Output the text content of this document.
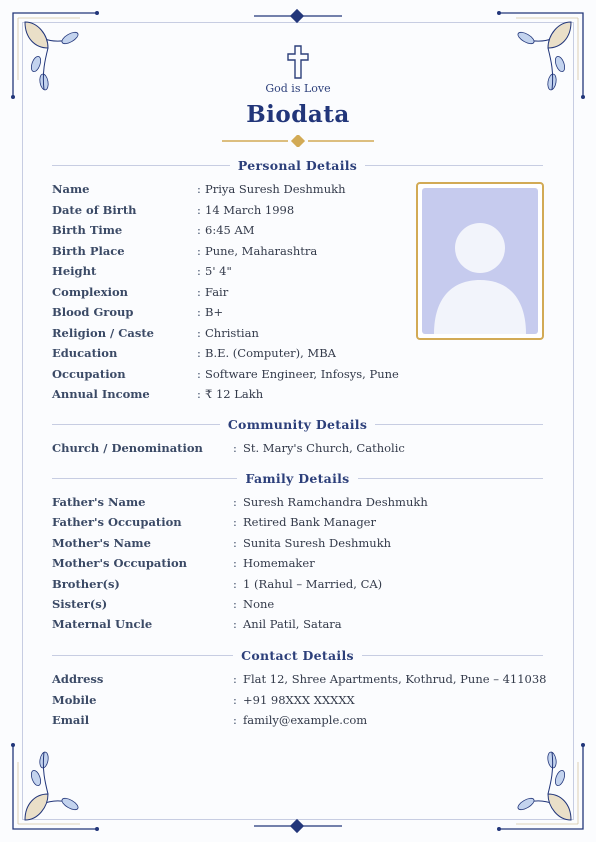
God is Love
Biodata
Personal Details
Name	: Priya Suresh Deshmukh
Date of Birth	: 14 March 1998
Birth Time	: 6:45 AM
Birth Place	: Pune, Maharashtra
Height	: 5' 4"
Complexion	: Fair
Blood Group	: B+
Religion / Caste	: Christian
Education	: B.E. (Computer), MBA
Occupation	: Software Engineer, Infosys, Pune
Annual Income	: ₹ 12 Lakh
Community Details
Church / Denomination	: St. Mary's Church, Catholic
Family Details
Father's Name	: Suresh Ramchandra Deshmukh
Father's Occupation	: Retired Bank Manager
Mother's Name	: Sunita Suresh Deshmukh
Mother's Occupation	: Homemaker
Brother(s)	: 1 (Rahul – Married, CA)
Sister(s)	: None
Maternal Uncle	: Anil Patil, Satara
Contact Details
Address	: Flat 12, Shree Apartments, Kothrud, Pune – 411038
Mobile	: +91 98XXX XXXXX
Email	: family@example.com
